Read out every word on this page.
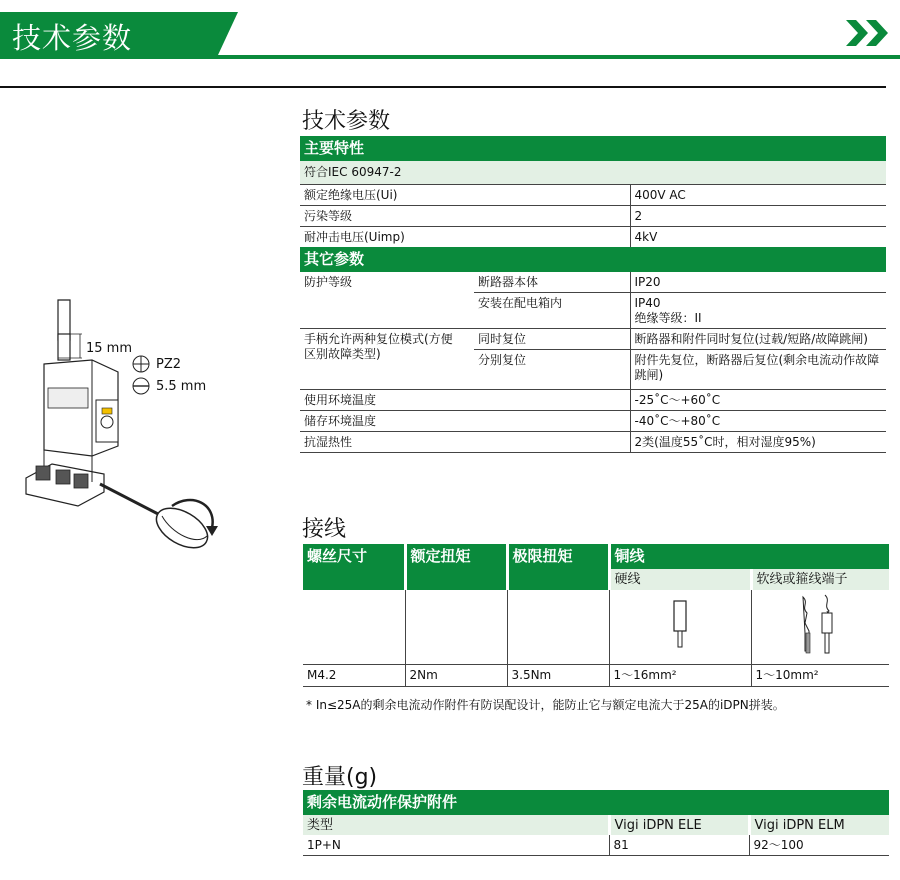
技术参数
15 mm
PZ2
5.5 mm
技术参数
主要特性		
符合IEC 60947-2		
额定绝缘电压(Ui)		400V AC
污染等级		2
耐冲击电压(Uimp)		4kV
其它参数		
防护等级	断路器本体	IP20
	安装在配电箱内	IP40
绝缘等级：II

手柄允许两种复位模式(方便区别故障类型)	同时复位	断路器和附件同时复位(过载/短路/故障跳闸)
	分别复位	附件先复位，断路器后复位(剩余电流动作故障跳闸)
使用环境温度		-25˚C～+60˚C
储存环境温度		-40˚C～+80˚C
抗湿热性		2类(温度55˚C时，相对湿度95%)
接线
螺丝尺寸	额定扭矩	极限扭矩	铜线	
			硬线	软线或箍线端子

M4.2	2Nm	3.5Nm	1～16mm²	1～10mm²
* In≤25A的剩余电流动作附件有防误配设计，能防止它与额定电流大于25A的iDPN拼装。
重量(g)
剩余电流动作保护附件		
类型	Vigi iDPN ELE	Vigi iDPN ELM
1P+N	81	92～100
